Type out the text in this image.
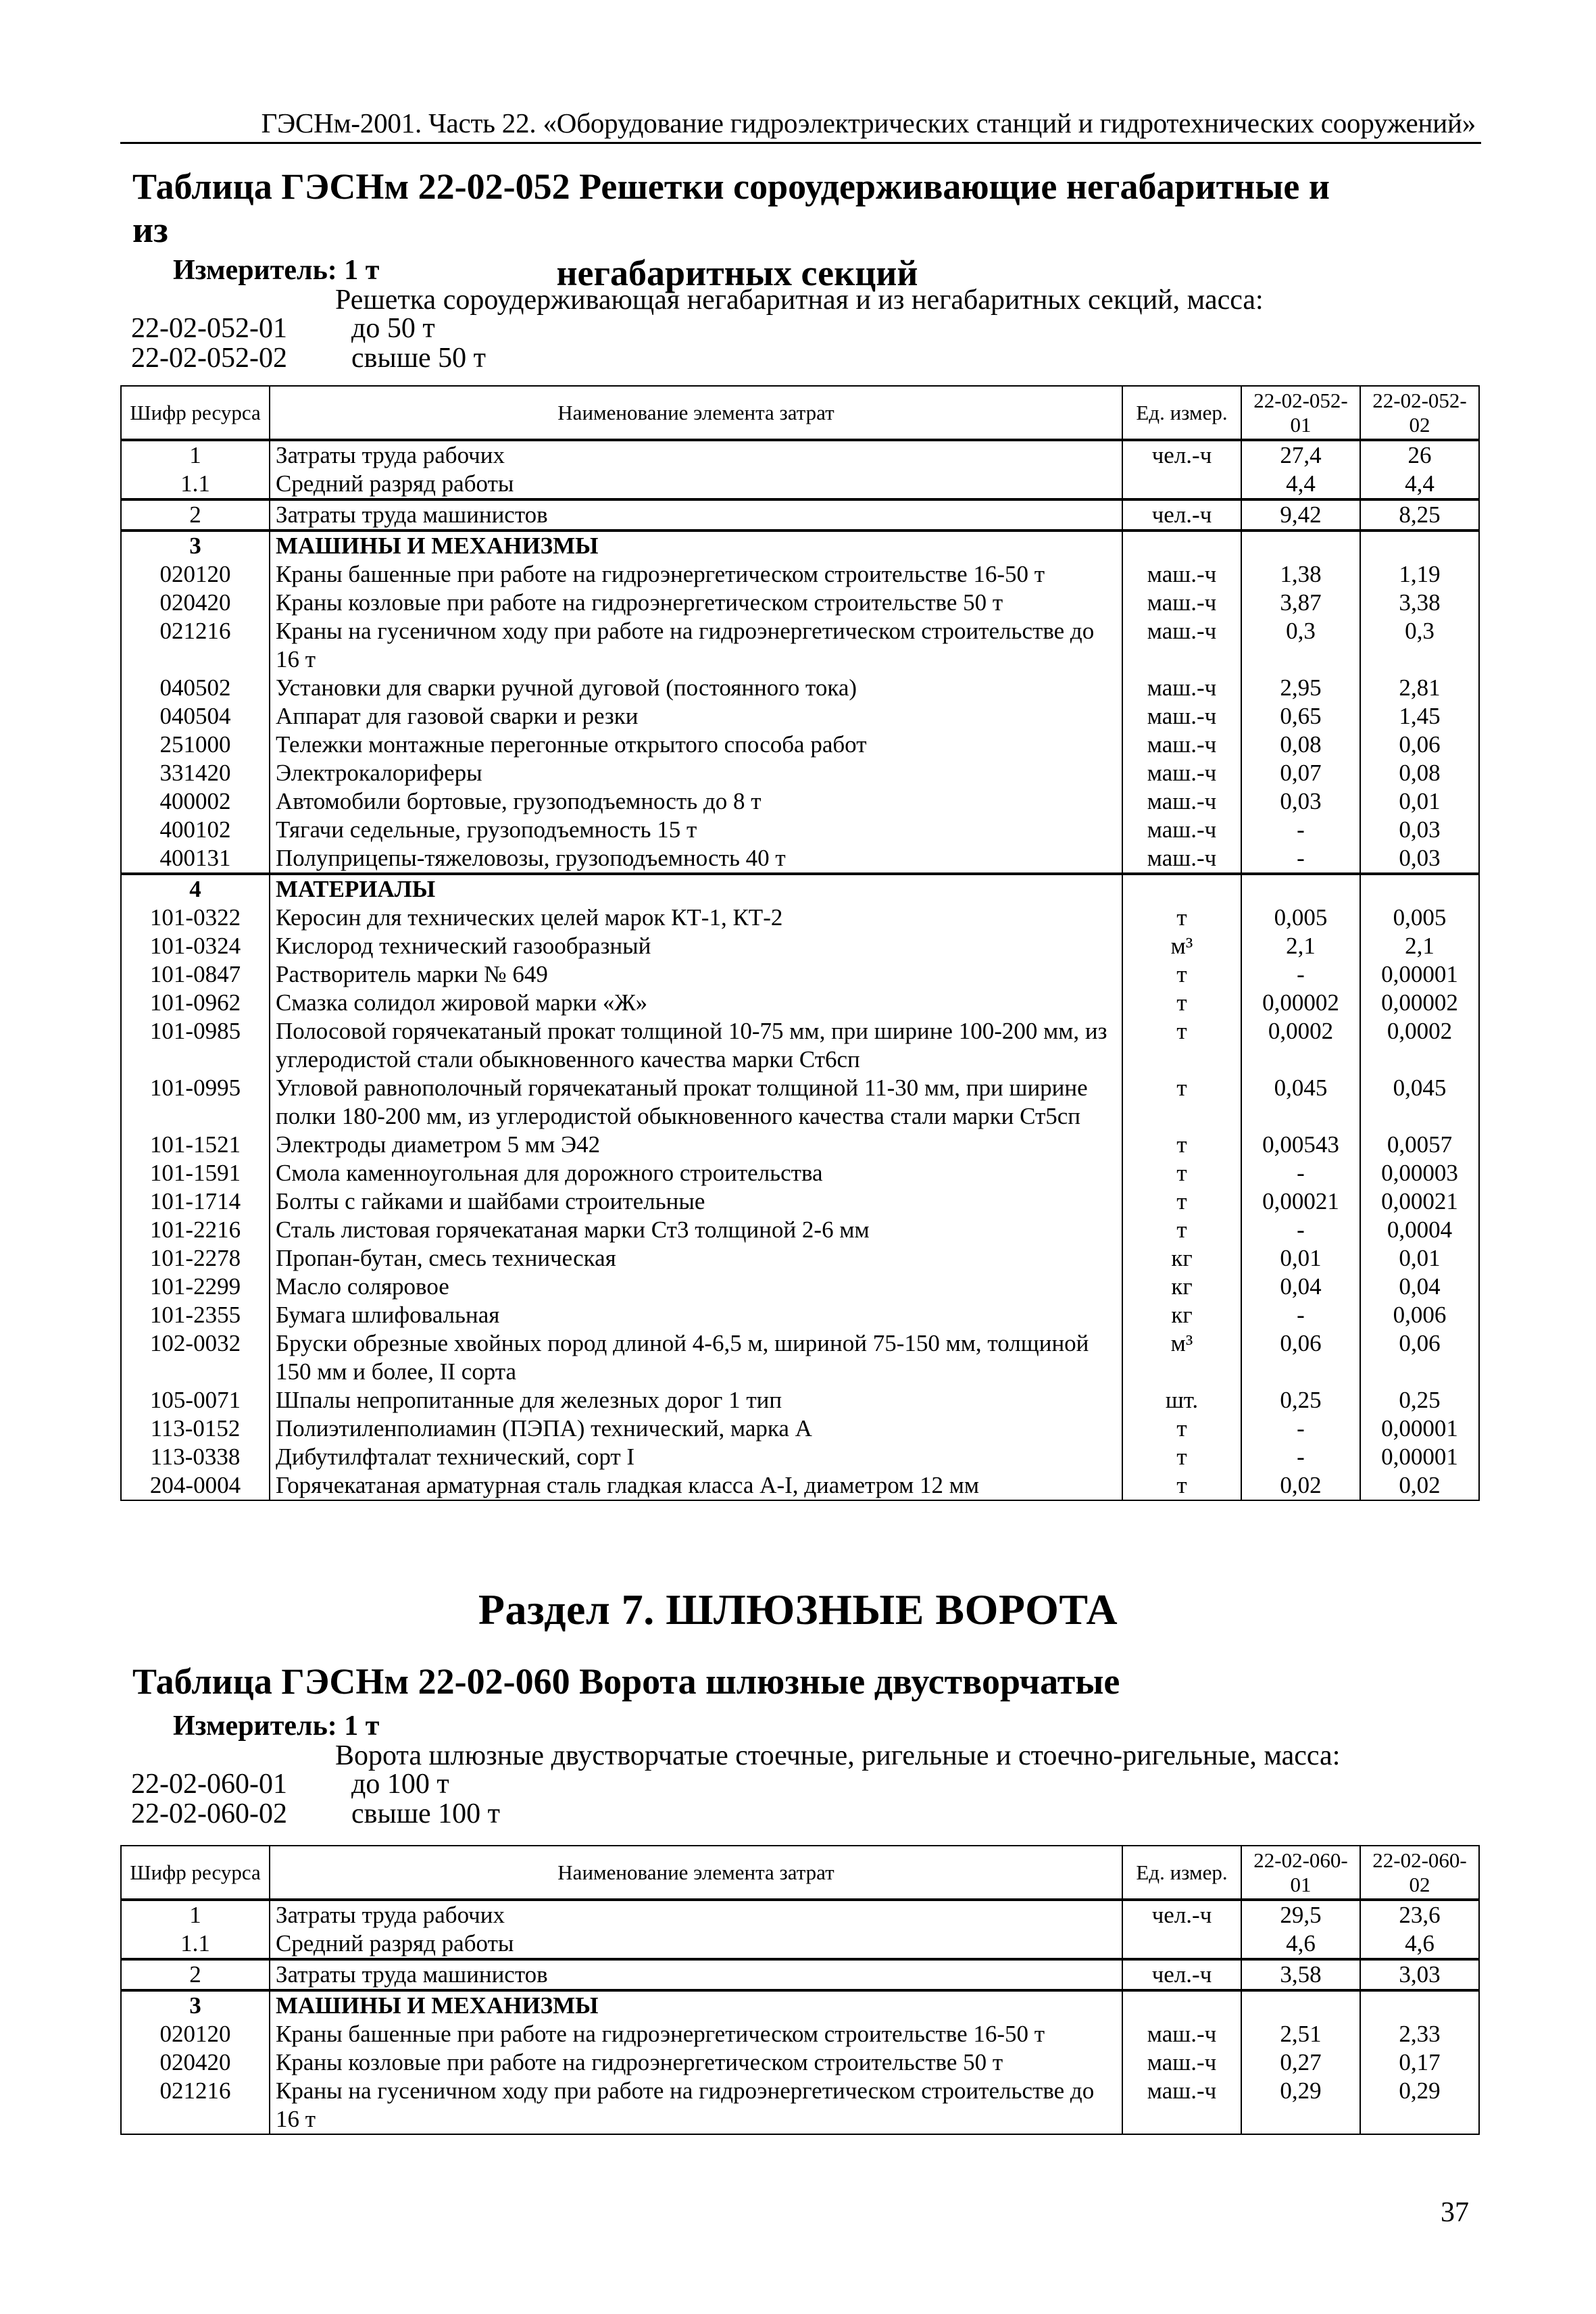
ГЭСНм-2001. Часть 22. «Оборудование гидроэлектрических станций и гидротехнических сооружений»
Таблица ГЭСНм 22-02-052 Решетки сороудерживающие негабаритные и из
негабаритных секций
Измеритель: 1 т
Решетка сороудерживающая негабаритная и из негабаритных секций, масса:
22-02-052-01 до 50 т
22-02-052-02 свыше 50 т
Шифр ресурса	Наименование элемента затрат	Ед. измер.	22-02-052-01	22-02-052-02
1	Затраты труда рабочих	чел.-ч	27,4	26
1.1	Средний разряд работы		4,4	4,4
2	Затраты труда машинистов	чел.-ч	9,42	8,25
3	МАШИНЫ И МЕХАНИЗМЫ			
020120	Краны башенные при работе на гидроэнергетическом строительстве 16-50 т	маш.-ч	1,38	1,19
020420	Краны козловые при работе на гидроэнергетическом строительстве 50 т	маш.-ч	3,87	3,38
021216	Краны на гусеничном ходу при работе на гидроэнергетическом строительстве до 16 т	маш.-ч	0,3	0,3
040502	Установки для сварки ручной дуговой (постоянного тока)	маш.-ч	2,95	2,81
040504	Аппарат для газовой сварки и резки	маш.-ч	0,65	1,45
251000	Тележки монтажные перегонные открытого способа работ	маш.-ч	0,08	0,06
331420	Электрокалориферы	маш.-ч	0,07	0,08
400002	Автомобили бортовые, грузоподъемность до 8 т	маш.-ч	0,03	0,01
400102	Тягачи седельные, грузоподъемность 15 т	маш.-ч	-	0,03
400131	Полуприцепы-тяжеловозы, грузоподъемность 40 т	маш.-ч	-	0,03
4	МАТЕРИАЛЫ			
101-0322	Керосин для технических целей марок КТ-1, КТ-2	т	0,005	0,005
101-0324	Кислород технический газообразный	м³	2,1	2,1
101-0847	Растворитель марки № 649	т	-	0,00001
101-0962	Смазка солидол жировой марки «Ж»	т	0,00002	0,00002
101-0985	Полосовой горячекатаный прокат толщиной 10-75 мм, при ширине 100-200 мм, из углеродистой стали обыкновенного качества марки Ст6сп	т	0,0002	0,0002
101-0995	Угловой равнополочный горячекатаный прокат толщиной 11-30 мм, при ширине полки 180-200 мм, из углеродистой обыкновенного качества стали марки Ст5сп	т	0,045	0,045
101-1521	Электроды диаметром 5 мм Э42	т	0,00543	0,0057
101-1591	Смола каменноугольная для дорожного строительства	т	-	0,00003
101-1714	Болты с гайками и шайбами строительные	т	0,00021	0,00021
101-2216	Сталь листовая горячекатаная марки Ст3 толщиной 2-6 мм	т	-	0,0004
101-2278	Пропан-бутан, смесь техническая	кг	0,01	0,01
101-2299	Масло соляровое	кг	0,04	0,04
101-2355	Бумага шлифовальная	кг	-	0,006
102-0032	Бруски обрезные хвойных пород длиной 4-6,5 м, шириной 75-150 мм, толщиной 150 мм и более, II сорта	м³	0,06	0,06
105-0071	Шпалы непропитанные для железных дорог 1 тип	шт.	0,25	0,25
113-0152	Полиэтиленполиамин (ПЭПА) технический, марка А	т	-	0,00001
113-0338	Дибутилфталат технический, сорт I	т	-	0,00001
204-0004	Горячекатаная арматурная сталь гладкая класса А-I, диаметром 12 мм	т	0,02	0,02
Раздел 7. ШЛЮЗНЫЕ ВОРОТА
Таблица ГЭСНм 22-02-060 Ворота шлюзные двустворчатые
Измеритель: 1 т
Ворота шлюзные двустворчатые стоечные, ригельные и стоечно-ригельные, масса:
22-02-060-01 до 100 т
22-02-060-02 свыше 100 т
Шифр ресурса	Наименование элемента затрат	Ед. измер.	22-02-060-01	22-02-060-02
1	Затраты труда рабочих	чел.-ч	29,5	23,6
1.1	Средний разряд работы		4,6	4,6
2	Затраты труда машинистов	чел.-ч	3,58	3,03
3	МАШИНЫ И МЕХАНИЗМЫ			
020120	Краны башенные при работе на гидроэнергетическом строительстве 16-50 т	маш.-ч	2,51	2,33
020420	Краны козловые при работе на гидроэнергетическом строительстве 50 т	маш.-ч	0,27	0,17
021216	Краны на гусеничном ходу при работе на гидроэнергетическом строительстве до 16 т	маш.-ч	0,29	0,29
37
